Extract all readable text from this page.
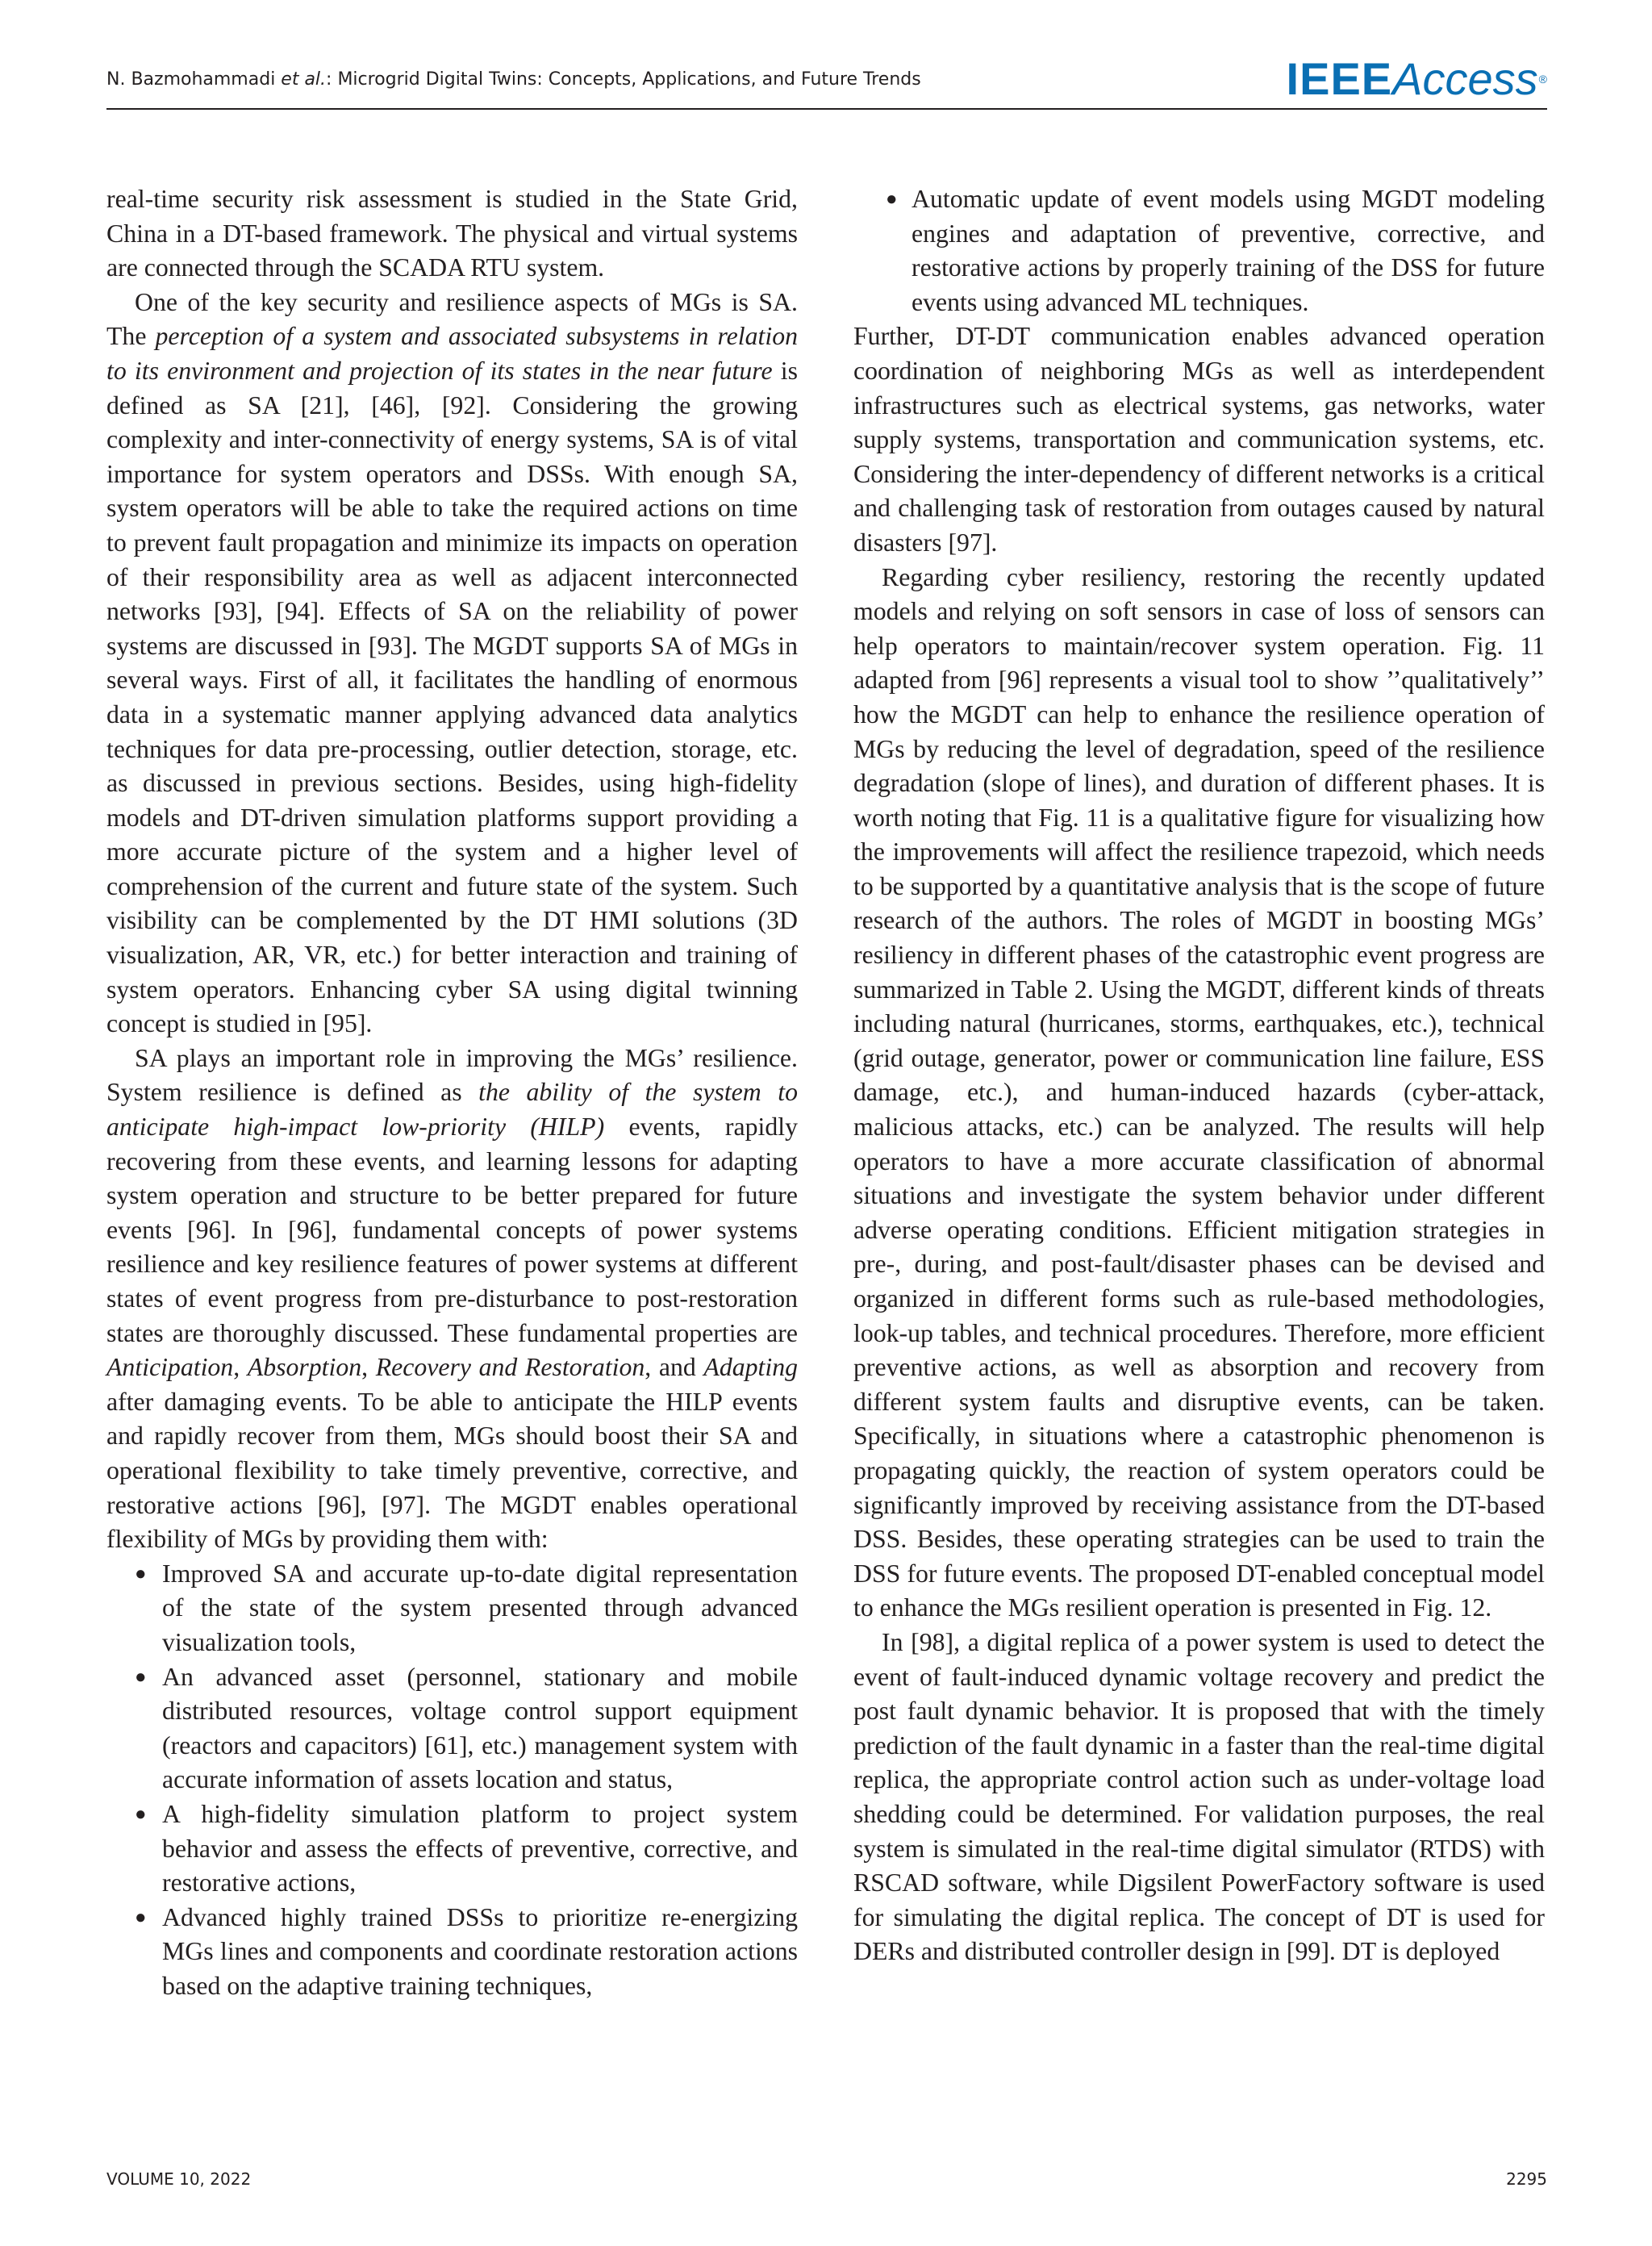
N. Bazmohammadi et al.: Microgrid Digital Twins: Concepts, Applications, and Future Trends	IEEEAccess®

real-time security risk assessment is studied in the State Grid, China in a DT-based framework. The physical and virtual systems are connected through the SCADA RTU system.

One of the key security and resilience aspects of MGs is SA. The perception of a system and associated subsystems in relation to its environment and projection of its states in the near future is defined as SA [21], [46], [92]. Considering the growing complexity and inter-connectivity of energy systems, SA is of vital importance for system operators and DSSs. With enough SA, system operators will be able to take the required actions on time to prevent fault propagation and minimize its impacts on operation of their responsibility area as well as adjacent interconnected networks [93], [94]. Effects of SA on the reliability of power systems are discussed in [93]. The MGDT supports SA of MGs in several ways. First of all, it facilitates the handling of enormous data in a systematic manner applying advanced data analytics techniques for data pre-processing, outlier detection, storage, etc. as discussed in previous sections. Besides, using high-fidelity models and DT-driven simulation platforms support providing a more accurate picture of the system and a higher level of comprehension of the current and future state of the system. Such visibility can be complemented by the DT HMI solutions (3D visualization, AR, VR, etc.) for better interaction and training of system operators. Enhancing cyber SA using digital twinning concept is studied in [95].

SA plays an important role in improving the MGs’ resilience. System resilience is defined as the ability of the system to anticipate high-impact low-priority (HILP) events, rapidly recovering from these events, and learning lessons for adapting system operation and structure to be better prepared for future events [96]. In [96], fundamental concepts of power systems resilience and key resilience features of power systems at different states of event progress from pre-disturbance to post-restoration states are thoroughly discussed. These fundamental properties are Anticipation, Absorption, Recovery and Restoration, and Adapting after damaging events. To be able to anticipate the HILP events and rapidly recover from them, MGs should boost their SA and operational flexibility to take timely preventive, corrective, and restorative actions [96], [97]. The MGDT enables operational flexibility of MGs by providing them with:

● Improved SA and accurate up-to-date digital representation of the state of the system presented through advanced visualization tools,
● An advanced asset (personnel, stationary and mobile distributed resources, voltage control support equipment (reactors and capacitors) [61], etc.) management system with accurate information of assets location and status,
● A high-fidelity simulation platform to project system behavior and assess the effects of preventive, corrective, and restorative actions,
● Advanced highly trained DSSs to prioritize re-energizing MGs lines and components and coordinate restoration actions based on the adaptive training techniques,
● Automatic update of event models using MGDT modeling engines and adaptation of preventive, corrective, and restorative actions by properly training of the DSS for future events using advanced ML techniques.

Further, DT-DT communication enables advanced operation coordination of neighboring MGs as well as interdependent infrastructures such as electrical systems, gas networks, water supply systems, transportation and communication systems, etc. Considering the inter-dependency of different networks is a critical and challenging task of restoration from outages caused by natural disasters [97].

Regarding cyber resiliency, restoring the recently updated models and relying on soft sensors in case of loss of sensors can help operators to maintain/recover system operation. Fig. 11 adapted from [96] represents a visual tool to show ’’qualitatively’’ how the MGDT can help to enhance the resilience operation of MGs by reducing the level of degradation, speed of the resilience degradation (slope of lines), and duration of different phases. It is worth noting that Fig. 11 is a qualitative figure for visualizing how the improvements will affect the resilience trapezoid, which needs to be supported by a quantitative analysis that is the scope of future research of the authors. The roles of MGDT in boosting MGs’ resiliency in different phases of the catastrophic event progress are summarized in Table 2. Using the MGDT, different kinds of threats including natural (hurricanes, storms, earthquakes, etc.), technical (grid outage, generator, power or communication line failure, ESS damage, etc.), and human-induced hazards (cyber-attack, malicious attacks, etc.) can be analyzed. The results will help operators to have a more accurate classification of abnormal situations and investigate the system behavior under different adverse operating conditions. Efficient mitigation strategies in pre-, during, and post-fault/disaster phases can be devised and organized in different forms such as rule-based methodologies, look-up tables, and technical procedures. Therefore, more efficient preventive actions, as well as absorption and recovery from different system faults and disruptive events, can be taken. Specifically, in situations where a catastrophic phenomenon is propagating quickly, the reaction of system operators could be significantly improved by receiving assistance from the DT-based DSS. Besides, these operating strategies can be used to train the DSS for future events. The proposed DT-enabled conceptual model to enhance the MGs resilient operation is presented in Fig. 12.

In [98], a digital replica of a power system is used to detect the event of fault-induced dynamic voltage recovery and predict the post fault dynamic behavior. It is proposed that with the timely prediction of the fault dynamic in a faster than the real-time digital replica, the appropriate control action such as under-voltage load shedding could be determined. For validation purposes, the real system is simulated in the real-time digital simulator (RTDS) with RSCAD software, while Digsilent PowerFactory software is used for simulating the digital replica. The concept of DT is used for DERs and distributed controller design in [99]. DT is deployed

VOLUME 10, 2022	2295
